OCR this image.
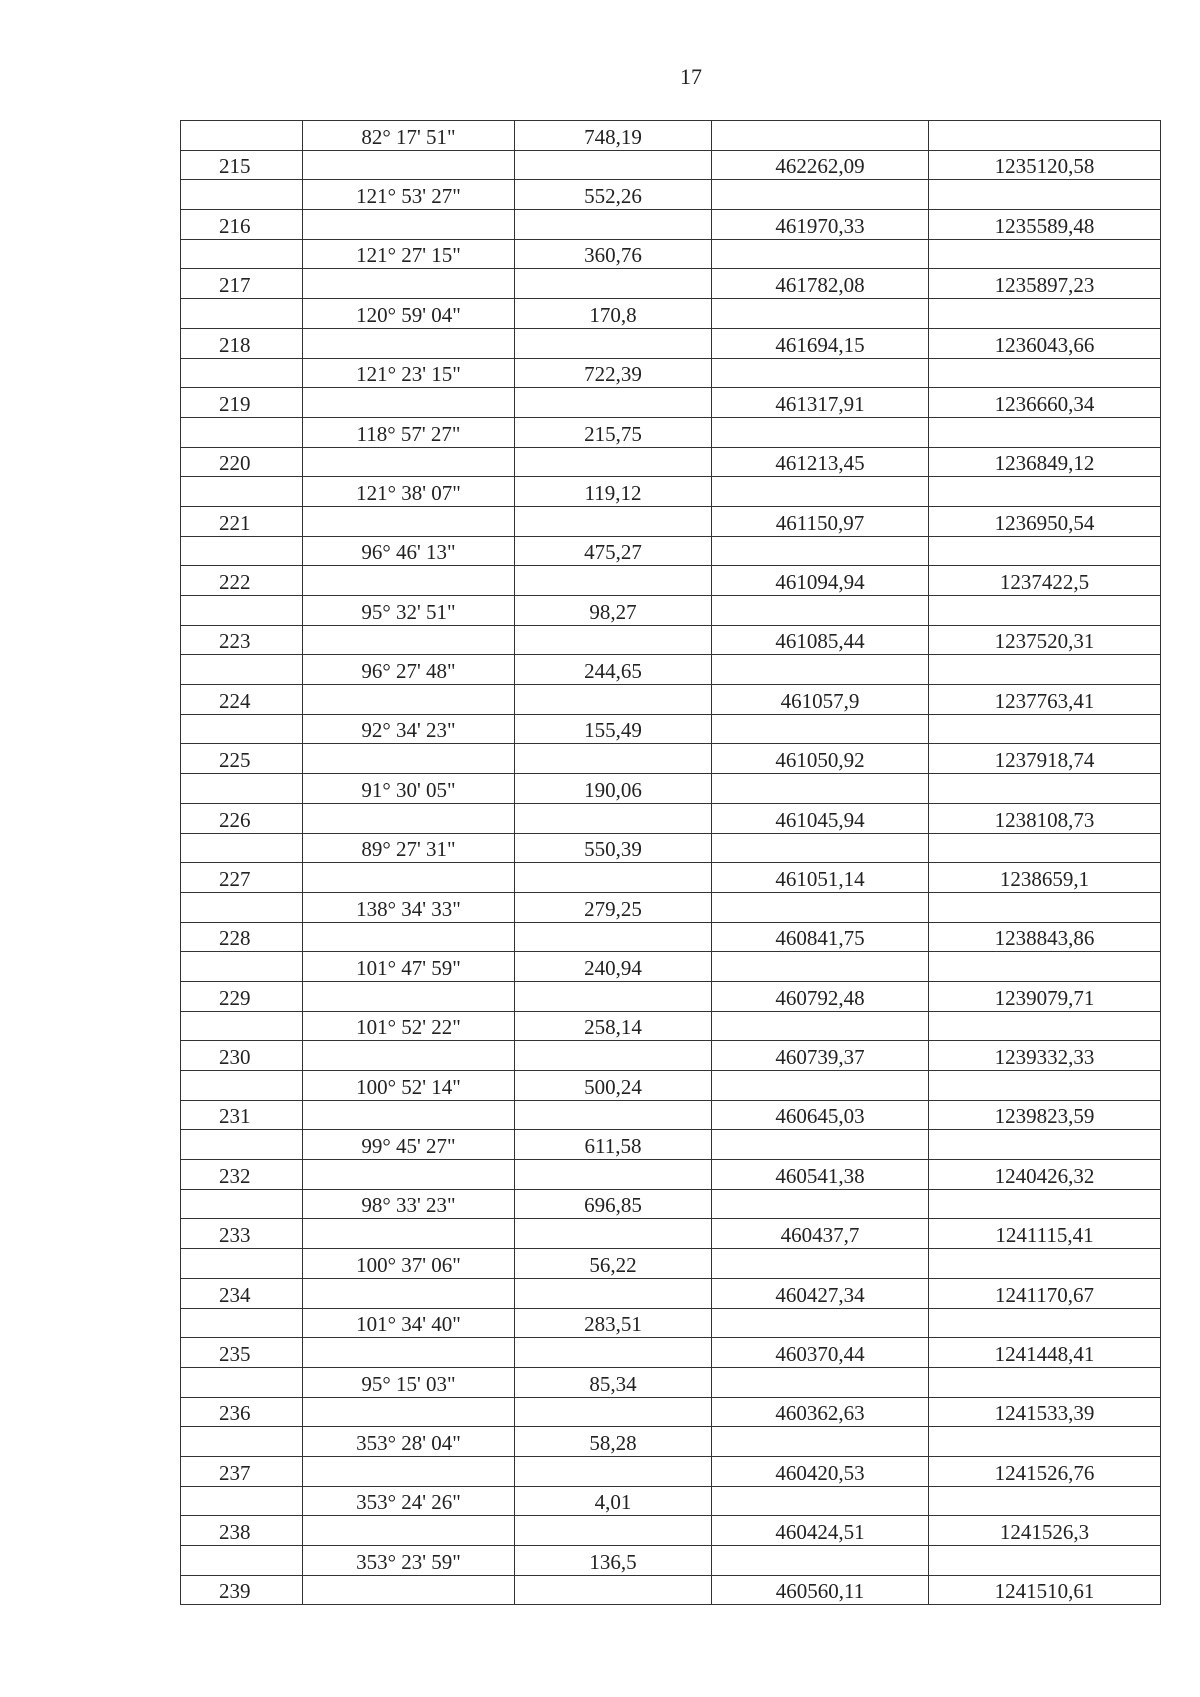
17
	82° 17' 51"	748,19		
215			462262,09	1235120,58
	121° 53' 27"	552,26		
216			461970,33	1235589,48
	121° 27' 15"	360,76		
217			461782,08	1235897,23
	120° 59' 04"	170,8		
218			461694,15	1236043,66
	121° 23' 15"	722,39		
219			461317,91	1236660,34
	118° 57' 27"	215,75		
220			461213,45	1236849,12
	121° 38' 07"	119,12		
221			461150,97	1236950,54
	96° 46' 13"	475,27		
222			461094,94	1237422,5
	95° 32' 51"	98,27		
223			461085,44	1237520,31
	96° 27' 48"	244,65		
224			461057,9	1237763,41
	92° 34' 23"	155,49		
225			461050,92	1237918,74
	91° 30' 05"	190,06		
226			461045,94	1238108,73
	89° 27' 31"	550,39		
227			461051,14	1238659,1
	138° 34' 33"	279,25		
228			460841,75	1238843,86
	101° 47' 59"	240,94		
229			460792,48	1239079,71
	101° 52' 22"	258,14		
230			460739,37	1239332,33
	100° 52' 14"	500,24		
231			460645,03	1239823,59
	99° 45' 27"	611,58		
232			460541,38	1240426,32
	98° 33' 23"	696,85		
233			460437,7	1241115,41
	100° 37' 06"	56,22		
234			460427,34	1241170,67
	101° 34' 40"	283,51		
235			460370,44	1241448,41
	95° 15' 03"	85,34		
236			460362,63	1241533,39
	353° 28' 04"	58,28		
237			460420,53	1241526,76
	353° 24' 26"	4,01		
238			460424,51	1241526,3
	353° 23' 59"	136,5		
239			460560,11	1241510,61
